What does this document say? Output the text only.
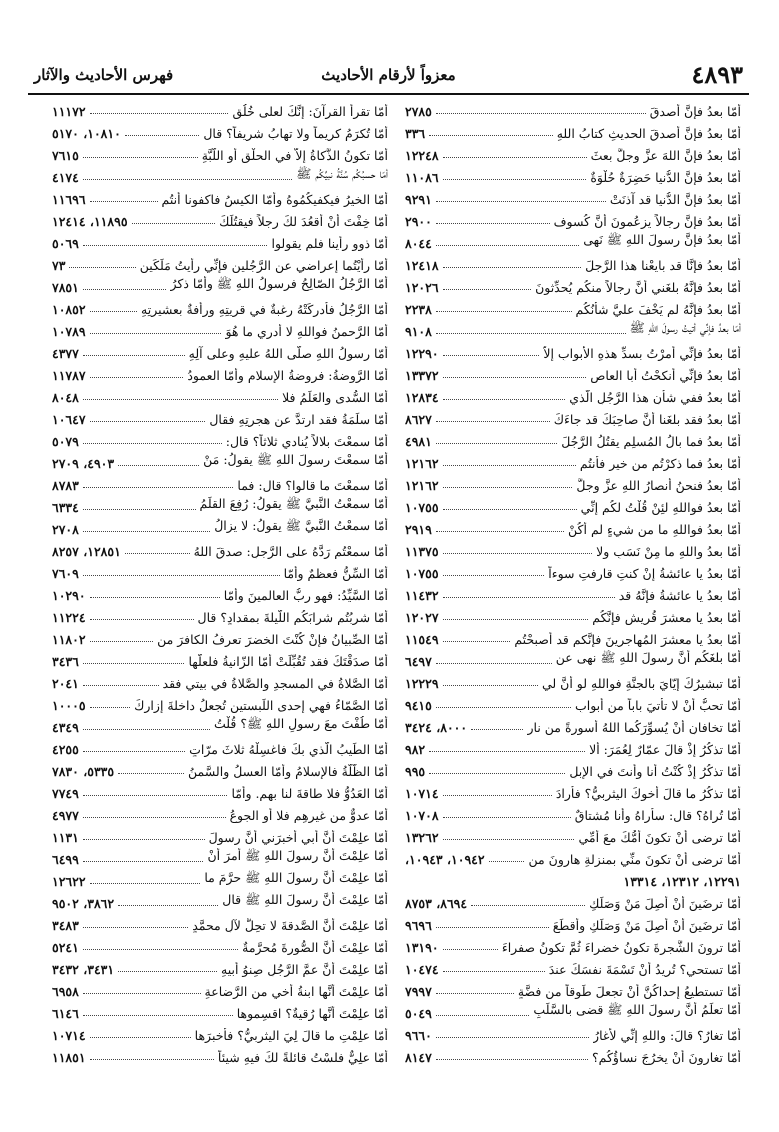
٤٨٩٣
معزواً لأرقام الأحاديث
فهرس الأحاديث والآثار
أمّا بعدُ فإنَّ أصدقَ
٢٧٨٥
أمّا بعدُ فإنَّ أصدقَ الحديثِ كتابُ اللهِ
٣٣٦
أمّا بعدُ فإنَّ اللهَ عزَّ وجلَّ بعثَ
١٢٢٤٨
أمّا بعدُ فإنَّ الدُّنيا حَضِرَةٌ حُلْوَةٌ
١١٠٨٦
أمّا بعدُ فإنَّ الدُّنيا قد آذنَتْ
٩٢٩١
أمّا بعدُ فإنَّ رجالاً يزعُمونَ أنَّ كُسوف
٢٩٠٠
أمّا بعدُ فإنَّ رسولَ اللهِ ﷺ نَهى
٨٠٤٤
أمّا بعدُ فإنَّا قد بايعْنا هذا الرَّجلَ
١٢٤١٨
أمّا بعدُ فإنَّهُ بلغَني أنَّ رجالاً منكُم يُحدِّثونَ
١٢٠٢٦
أمّا بعدُ فإنَّهُ لم يَخْفَ عليَّ شأنُكُم
٢٢٣٨
أمّا بعدُ فإنِّي أتيتُ رسولَ اللهِ ﷺ
٩١٠٨
أمّا بعدُ فإنِّي أمرْتُ بسدِّ هذهِ الأبوابِ إلاّ
١٢٢٩٠
أمّا بعدُ فإنِّي أنكحْتُ أبا العاصِ
١٣٣٧٢
أمّا بعدُ ففي شأنِ هذا الرَّجُلِ الَّذي
١٢٨٣٤
أمّا بعدُ فقد بلغَنا أنَّ صاحِبَكَ قد جاءَكَ
٨٦٢٧
أمّا بعدُ فما بالُ المُسلِمِ يقتُلُ الرَّجُلَ
٤٩٨١
أمّا بعدُ فما ذكرْتُم من خيرٍ فأنتُم
١٢١٦٢
أمّا بعدُ فنحنُ أنصارُ اللهِ عزَّ وجلَّ
١٢١٦٢
أمّا بعدُ فواللهِ لئِنْ قُلْتُ لكُم إنِّي
١٠٧٥٥
أمّا بعدُ فواللهِ ما من شيءٍ لم أكُنْ
٢٩١٩
أمّا بعدُ واللهِ ما مِنْ نَسَبٍ ولا
١١٣٧٥
أمّا بعدُ يا عائشةُ إنْ كنتِ قارفتِ سوءاً
١٠٧٥٥
أمّا بعدُ يا عائشةُ فإنَّهُ قد
١١٤٣٢
أمّا بعدُ يا معشرَ قُريشٍ فإنَّكُم
١٢٠٢٧
أمّا بعدُ يا معشرَ المُهاجرينَ فإنَّكم قد أصبحْتُم
١١٥٤٩
أمّا بلغَكُم أنَّ رسولَ اللهِ ﷺ نهى عن
٦٤٩٧
أمّا تبشيرُكَ إيّايَ بالجنَّةِ فواللهِ لو أنَّ لي
١٢٢٢٩
أمّا تحبُّ أنْ لا تأتيَ باباً من أبوابِ
٩٤١٥
أمّا تخافانِ أنْ يُسوِّرَكُما اللهُ أسورةً من نارٍ
٨٠٠٠، ٣٤٢٤
أمّا تذكُرُ إذْ قالَ عمّارٌ لِعُمَرَ: ألا
٩٨٢
أمّا تذكُرُ إذْ كُنْتُ أنا وأنتَ في الإبلِ
٩٩٥
أمّا تذكُرُ ما قالَ أخوكَ اليثربيُّ؟ فأرادَ
١٠٧١٤
أمّا تُراهُ؟ قال: سأراهُ وأنا مُشتاقٌ
١٠٧٠٨
أمّا ترضى أنْ تكونَ أُمُّكَ معَ أُمِّي
١٣٢٦٢
أمّا ترضى أنْ تكونَ منِّي بمنزلةِ هارونَ من
١٠٩٤٢، ١٠٩٤٣،
١٢٢٩١، ١٢٣١٢، ١٣٣١٤
أمّا ترضَينَ أنْ أصِلَ مَنْ وَصَلَكِ
٨٦٩٤، ٨٧٥٣
أمّا ترضَينَ أنْ أصِلَ مَنْ وَصَلَكِ وأقطَعَ
٩٦٩٦
أمّا ترونَ الشَّجرةَ تكونُ خضراءَ ثُمَّ تكونُ صفراءَ
١٣١٩٠
أمّا تستحي؟ تُريدُ أنْ تَسْمَةَ نفسَكَ عندَ
١٠٤٧٤
أمّا تستطيعُ إحداكُنَّ أنْ تجعلَ طَوقاً من فضَّةٍ
٧٩٩٧
أمّا تعلَمُ أنَّ رسولَ اللهِ ﷺ قضى بالسَّلَبِ
٥٠٤٩
أمّا تغارُ؟ قالَ: واللهِ إنِّي لأغارُ
٩٦٦٠
أمّا تغارونَ أنْ يخرُجَ نساؤُكُم؟
٨١٤٧
أمّا تقرأُ القرآنَ: إنَّكَ لعلى خُلُقٍ
١١١٧٢
أمّا تُكرَمُ كريماً ولا تهابُ شريفاً؟ قال
١٠٨١٠، ٥١٧٠
أمّا تكونُ الذَّكاةُ إلاّ في الحلْقِ أو اللَّبَّةِ
٧٦١٥
أمّا حسبُكُم سُنَّةُ نبيِّكُم ﷺ
٤١٧٤
أمّا الخيرُ فيكفيكُمُوهُ وأمّا الكيسُ فاكفونا أنتُم
١١٦٩٦
أمّا خِفْتَ أنْ أقعُدَ لكَ رجلاً فيقتُلَكَ
١١٨٩٥، ١٢٤١٤
أمّا ذوو رأينا فلم يقولوا
٥٠٦٩
أمّا رأيْتُما إعراضي عن الرَّجُلينِ فإنِّي رأيتُ مَلَكَينِ
٧٣
أمّا الرَّجُلُ الصّالِحُ فرسولُ اللهِ ﷺ وأمّا ذكرُ
٧٨٥١
أمّا الرَّجُلُ فأدركَتْهُ رغبةٌ في قريتِهِ ورأفةٌ بعشيرتِهِ
١٠٨٥٢
أمّا الرَّحمنُ فواللهِ لا أدري ما هُوَ
١٠٧٨٩
أمّا رسولُ اللهِ صلّى اللهُ عليهِ وعلى آلِهِ
٤٣٧٧
أمّا الرَّوضةُ: فروضةُ الإسلامِ وأمّا العمودُ
١١٧٨٧
أمّا السُّدى والعَلَمُ فلا
٨٠٤٨
أمّا سلَمَةُ فقد ارتدَّ عن هجرتِهِ فقال
١٠٦٤٧
أمّا سمعْتَ بلالاً يُنادي ثلاثاً؟ قال:
٥٠٧٩
أمّا سمعْتَ رسولَ اللهِ ﷺ يقولُ: مَنْ
٤٩٠٣، ٢٧٠٩
أمّا سمعْتَ ما قالوا؟ قال: فما
٨٧٨٣
أمّا سمعْتُ النَّبيَّ ﷺ يقولُ: رُفِعَ القلَمُ
٦٣٣٤
أمّا سمعْتُ النَّبيَّ ﷺ يقولُ: لا يزالُ
٢٧٠٨
أمّا سمعْتُم رَدَّهُ على الرَّجلِ: صدقَ اللهُ
١٢٨٥١، ٨٢٥٧
أمّا السِّنُّ فعظمٌ وأمّا
٧٦٠٩
أمّا السَّيِّدُ: فهو ربُّ العالمينَ وأمّا
١٠٢٩٠
أمّا شربُتُم شرابَكُم اللَّيلةَ بمقدادٍ؟ قال
١١٢٢٤
أمّا الصِّبيانُ فإنْ كُنْتَ الخضرَ تعرِفُ الكافرَ من
١١٨٠٢
أمّا صدَقْتَكَ فقد تُقُبِّلَتْ أمّا الزّانيةُ فلعلَّها
٣٤٣٦
أمّا الصَّلاةُ في المسجدِ والصَّلاةُ في بيتي فقد
٢٠٤١
أمّا الصَّمّاءُ فهي إحدى اللِّبستينِ تُجعلُ داخلةَ إزارِكَ
١٠٠٠٥
أمّا طُفْتَ معَ رسولِ اللهِ ﷺ؟ قُلْتُ
٤٣٤٩
أمّا الطِّيبُ الَّذي بكَ فاغسِلْهُ ثلاثَ مرّاتٍ
٤٢٥٥
أمّا الظُّلّةُ فالإسلامُ وأمّا العسلُ والسَّمنُ
٥٣٣٥، ٧٨٣٠
أمّا العَدُوُّ فلا طاقةَ لنا بهم. وأمّا
٧٧٤٩
أمّا عدوٌّ من غيرِهِم فلا أو الجوعُ
٤٩٧٧
أمّا علِمْتَ أنَّ أبي أخبرَني أنَّ رسولَ
١١٣١
أمّا علِمْتَ أنَّ رسولَ اللهِ ﷺ أمرَ أنْ
٦٤٩٩
أمّا علِمْتَ أنَّ رسولَ اللهِ ﷺ حرَّمَ ما
١٢٦٢٢
أمّا علِمْتَ أنَّ رسولَ اللهِ ﷺ قال
٣٨٦٢، ٩٥٠٢
أمّا علِمْتَ أنَّ الصَّدقةَ لا تحِلُّ لآلِ محمَّدٍ
٣٤٨٣
أمّا علِمْتَ أنَّ الصُّورةَ مُحرَّمةٌ
٥٢٤١
أمّا علِمْتَ أنَّ عمَّ الرَّجُلِ صِنوُ أبيهِ
٣٤٣١، ٣٤٣٢
أمّا علِمْتَ أنَّها ابنةُ أخي من الرَّضاعةِ
٦٩٥٨
أمّا علِمْتَ أنَّها رُقيةٌ؟ اقسِموها
٦١٤٦
أمّا علِمْتِ ما قالَ لِيَ اليثربيُّ؟ فأخبرَها
١٠٧١٤
أمّا علِيٌّ فلسْتُ قائلةً لكَ فيهِ شيئاً
١١٨٥١
